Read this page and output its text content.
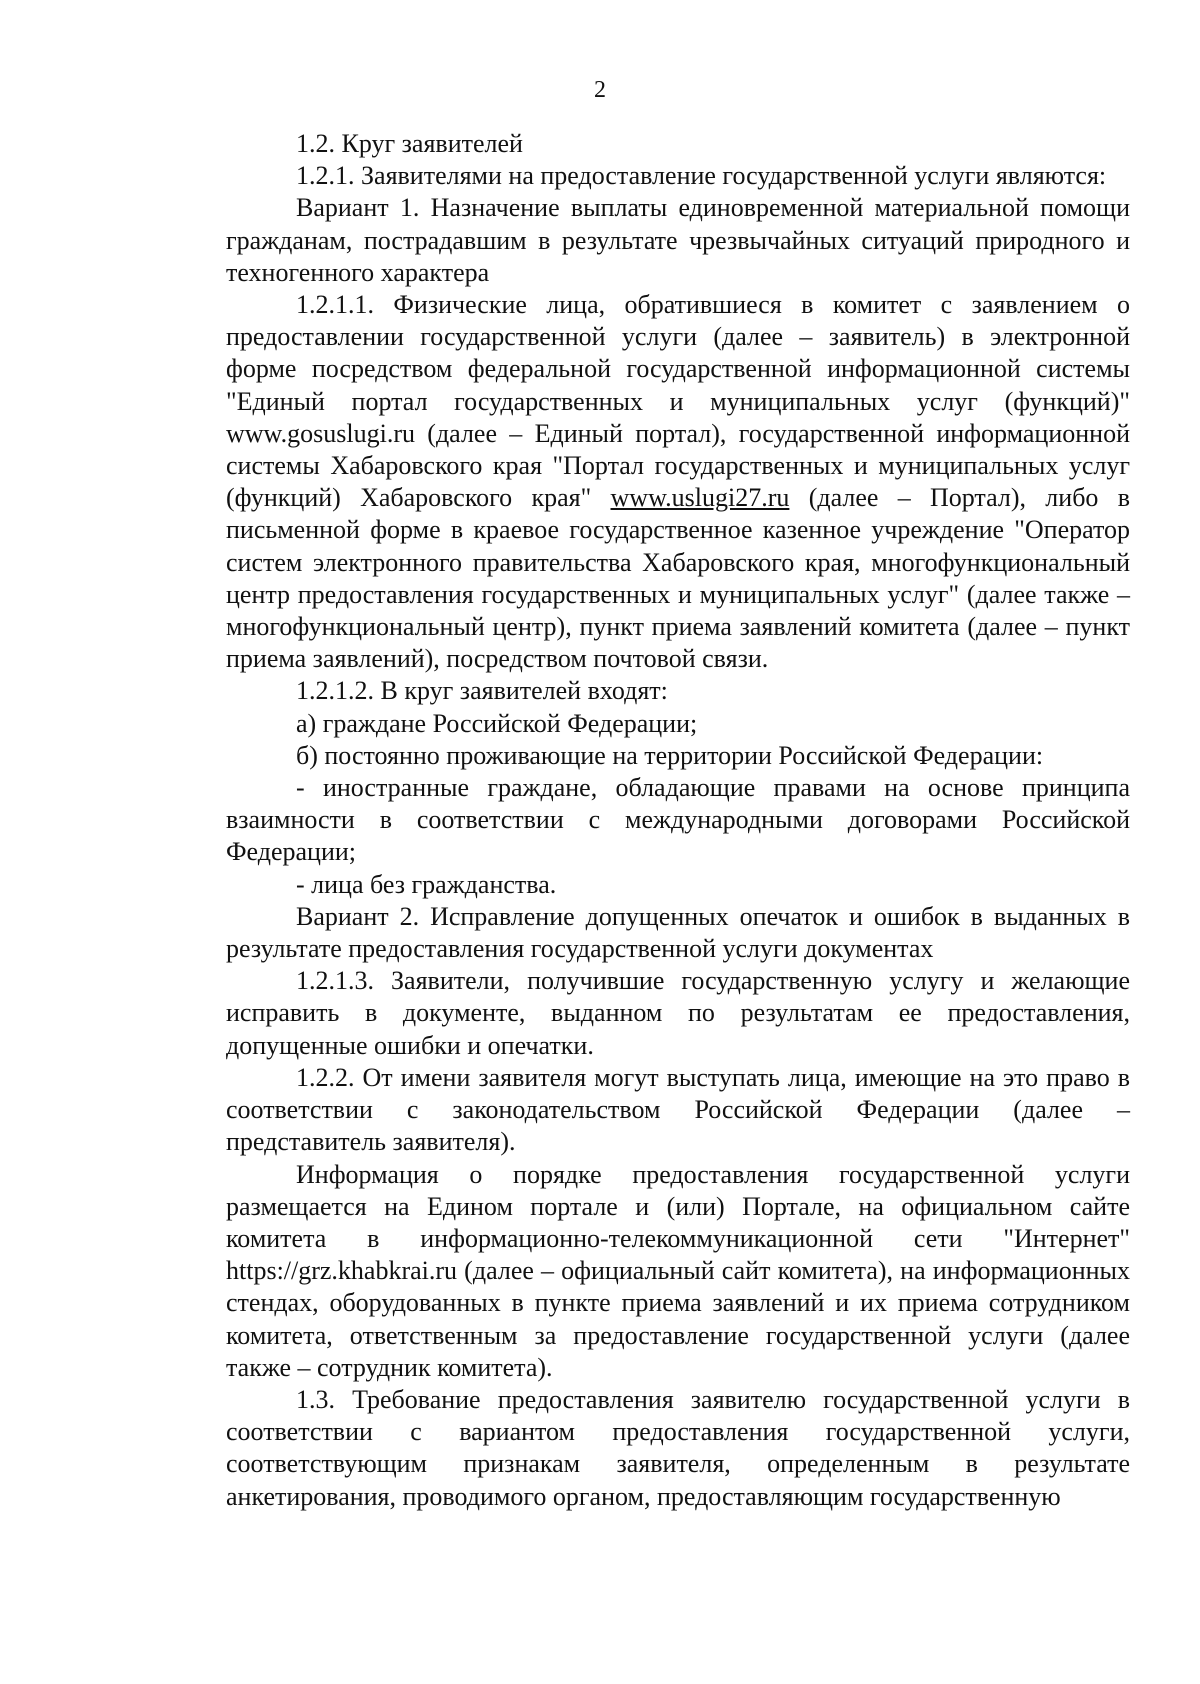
2

1.2. Круг заявителей

1.2.1. Заявителями на предоставление государственной услуги являются:

Вариант 1. Назначение выплаты единовременной материальной помощи гражданам, пострадавшим в результате чрезвычайных ситуаций природного и техногенного характера

1.2.1.1. Физические лица, обратившиеся в комитет с заявлением о предоставлении государственной услуги (далее – заявитель) в электронной форме посредством федеральной государственной информационной системы "Единый портал государственных и муниципальных услуг (функций)" www.gosuslugi.ru (далее – Единый портал), государственной информационной системы Хабаровского края "Портал государственных и муниципальных услуг (функций) Хабаровского края" www.uslugi27.ru (далее – Портал), либо в письменной форме в краевое государственное казенное учреждение "Оператор систем электронного правительства Хабаровского края, многофункциональный центр предоставления государственных и муниципальных услуг" (далее также – многофункциональный центр), пункт приема заявлений комитета (далее – пункт приема заявлений), посредством почтовой связи.

1.2.1.2. В круг заявителей входят:

а) граждане Российской Федерации;

б) постоянно проживающие на территории Российской Федерации:

- иностранные граждане, обладающие правами на основе принципа взаимности в соответствии с международными договорами Российской Федерации;

- лица без гражданства.

Вариант 2. Исправление допущенных опечаток и ошибок в выданных в результате предоставления государственной услуги документах

1.2.1.3. Заявители, получившие государственную услугу и желающие исправить в документе, выданном по результатам ее предоставления, допущенные ошибки и опечатки.

1.2.2. От имени заявителя могут выступать лица, имеющие на это право в соответствии с законодательством Российской Федерации (далее – представитель заявителя).

Информация о порядке предоставления государственной услуги размещается на Едином портале и (или) Портале, на официальном сайте комитета в информационно-телекоммуникационной сети "Интернет" https://grz.khabkrai.ru (далее – официальный сайт комитета), на информационных стендах, оборудованных в пункте приема заявлений и их приема сотрудником комитета, ответственным за предоставление государственной услуги (далее также – сотрудник комитета).

1.3. Требование предоставления заявителю государственной услуги в соответствии с вариантом предоставления государственной услуги, соответствующим признакам заявителя, определенным в результате анкетирования, проводимого органом, предоставляющим государственную
